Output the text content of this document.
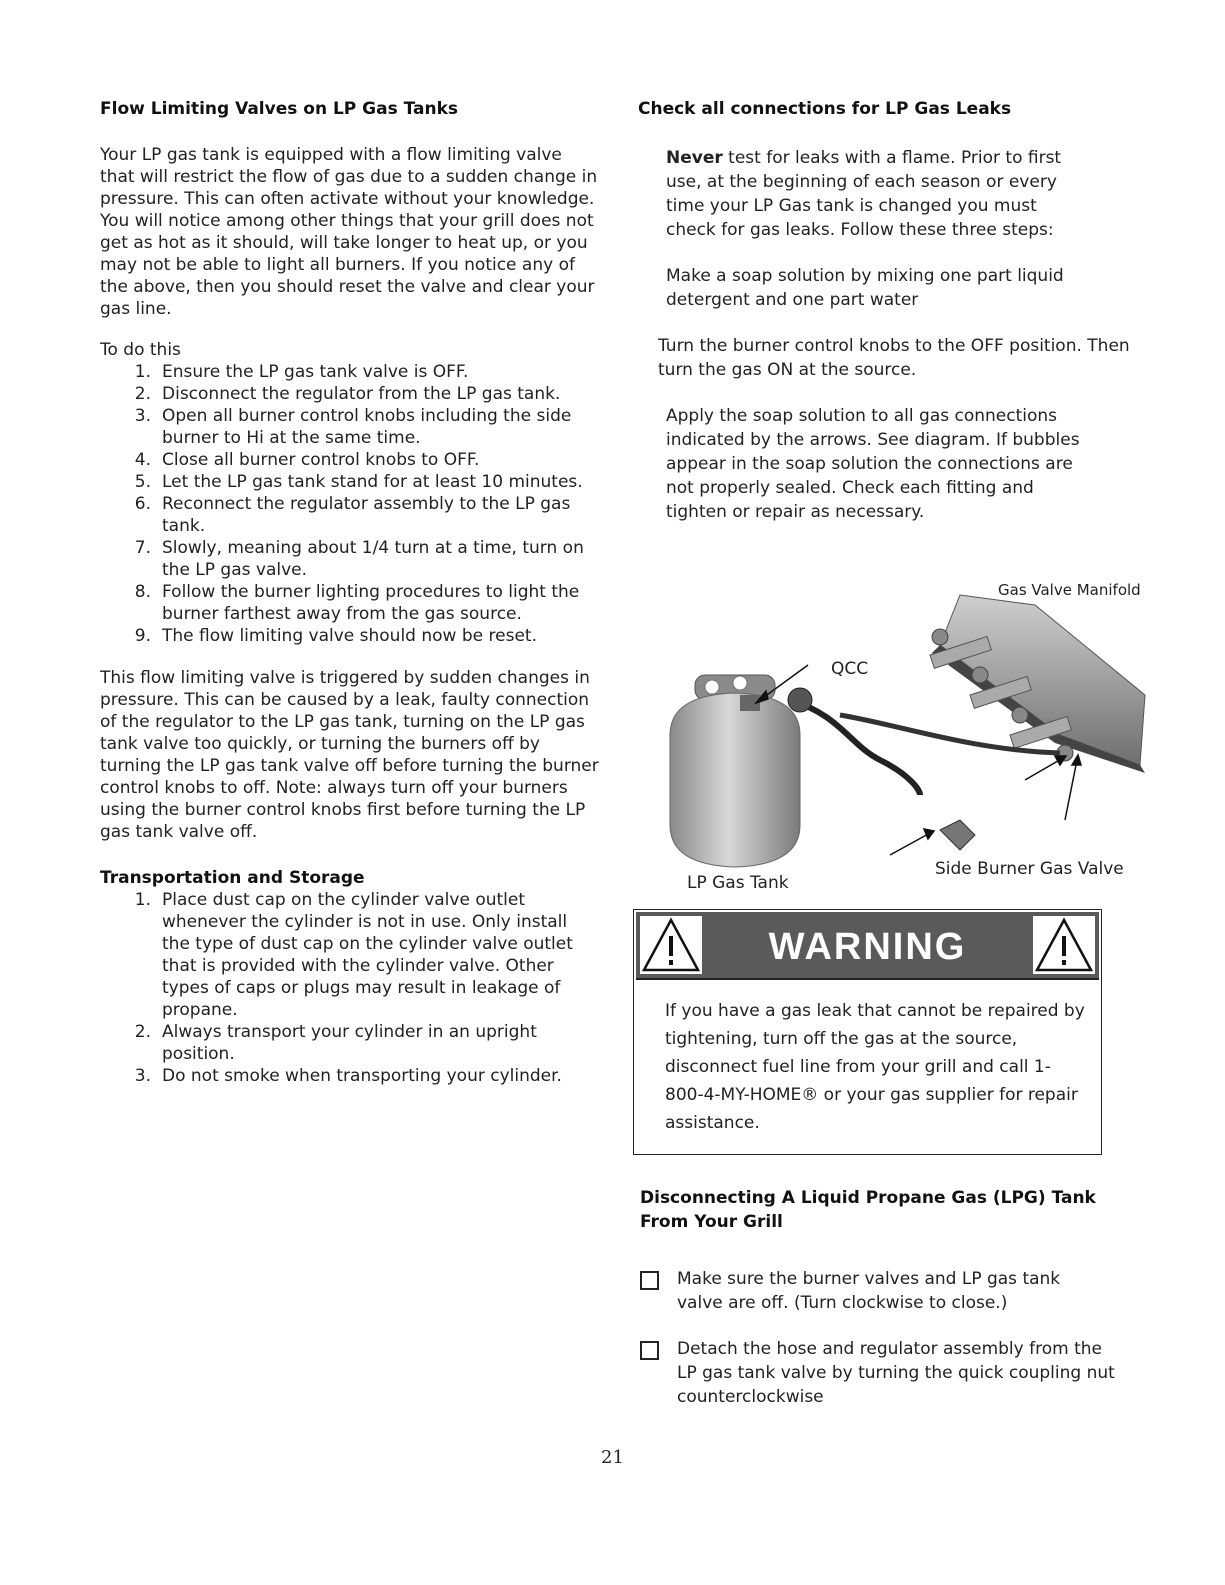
Flow Limiting Valves on LP Gas Tanks

Your LP gas tank is equipped with a flow limiting valve that will restrict the flow of gas due to a sudden change in pressure. This can often activate without your knowledge. You will notice among other things that your grill does not get as hot as it should, will take longer to heat up, or you may not be able to light all burners. If you notice any of the above, then you should reset the valve and clear your gas line.

To do this

1. Ensure the LP gas tank valve is OFF.
2. Disconnect the regulator from the LP gas tank.
3. Open all burner control knobs including the side burner to Hi at the same time.
4. Close all burner control knobs to OFF.
5. Let the LP gas tank stand for at least 10 minutes.
6. Reconnect the regulator assembly to the LP gas tank.
7. Slowly, meaning about 1/4 turn at a time, turn on the LP gas valve.
8. Follow the burner lighting procedures to light the burner farthest away from the gas source.
9. The flow limiting valve should now be reset.

This flow limiting valve is triggered by sudden changes in pressure. This can be caused by a leak, faulty connection of the regulator to the LP gas tank, turning on the LP gas tank valve too quickly, or turning the burners off by turning the LP gas tank valve off before turning the burner control knobs to off. Note: always turn off your burners using the burner control knobs first before turning the LP gas tank valve off.

Transportation and Storage
1. Place dust cap on the cylinder valve outlet whenever the cylinder is not in use. Only install the type of dust cap on the cylinder valve outlet that is provided with the cylinder valve. Other types of caps or plugs may result in leakage of propane.
2. Always transport your cylinder in an upright position.
3. Do not smoke when transporting your cylinder.
Check all connections for LP Gas Leaks

Never test for leaks with a flame. Prior to first use, at the beginning of each season or every time your LP Gas tank is changed you must check for gas leaks. Follow these three steps:

Make a soap solution by mixing one part liquid detergent and one part water

Turn the burner control knobs to the OFF position. Then turn the gas ON at the source.

Apply the soap solution to all gas connections indicated by the arrows. See diagram. If bubbles appear in the soap solution the connections are not properly sealed. Check each fitting and tighten or repair as necessary.

Gas Valve Manifold
QCC
LP Gas Tank
Side Burner Gas Valve
WARNING

If you have a gas leak that cannot be repaired by tightening, turn off the gas at the source, disconnect fuel line from your grill and call 1-800-4-MY-HOME® or your gas supplier for repair assistance.

Disconnecting A Liquid Propane Gas (LPG) Tank From Your Grill
Make sure the burner valves and LP gas tank valve are off. (Turn clockwise to close.)
Detach the hose and regulator assembly from the LP gas tank valve by turning the quick coupling nut counterclockwise
21
